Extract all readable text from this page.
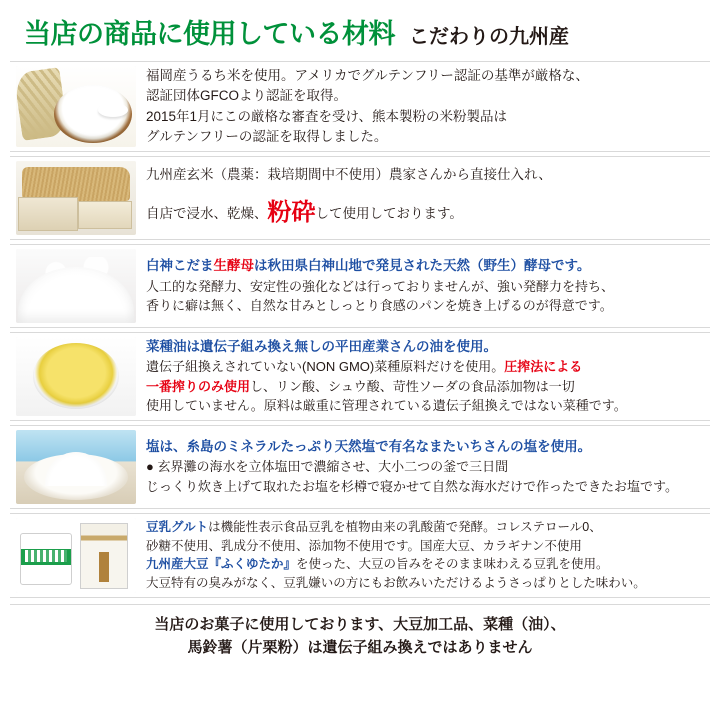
当店の商品に使用している材料 こだわりの九州産
福岡産うるち米を使用。アメリカでグルテンフリー認証の基準が厳格な、
認証団体GFCOより認証を取得。
2015年1月にこの厳格な審査を受け、熊本製粉の米粉製品は
グルテンフリーの認証を取得しました。
九州産玄米（農薬：栽培期間中不使用）農家さんから直接仕入れ、
自店で浸水、乾燥、粉砕して使用しております。
白神こだま生酵母は秋田県白神山地で発見された天然（野生）酵母です。
人工的な発酵力、安定性の強化などは行っておりませんが、強い発酵力を持ち、
香りに癖は無く、自然な甘みとしっとり食感のパンを焼き上げるのが得意です。
菜種油は遺伝子組み換え無しの平田産業さんの油を使用。
遺伝子組換えされていない(NON GMO)菜種原料だけを使用。圧搾法による
一番搾りのみ使用し、リン酸、シュウ酸、苛性ソーダの食品添加物は一切
使用していません。原料は厳重に管理されている遺伝子組換えではない菜種です。
塩は、糸島のミネラルたっぷり天然塩で有名なまたいちさんの塩を使用。
● 玄界灘の海水を立体塩田で濃縮させ、大小二つの釜で三日間
じっくり炊き上げて取れたお塩を杉樽で寝かせて自然な海水だけで作ったできたお塩です。
豆乳グルトは機能性表示食品豆乳を植物由来の乳酸菌で発酵。コレステロール0、
砂糖不使用、乳成分不使用、添加物不使用です。国産大豆、カラギナン不使用
九州産大豆『ふくゆたか』を使った、大豆の旨みをそのまま味わえる豆乳を使用。
大豆特有の臭みがなく、豆乳嫌いの方にもお飲みいただけるようさっぱりとした味わい。
当店のお菓子に使用しております、大豆加工品、菜種（油）、
馬鈴薯（片栗粉）は遺伝子組み換えではありません
